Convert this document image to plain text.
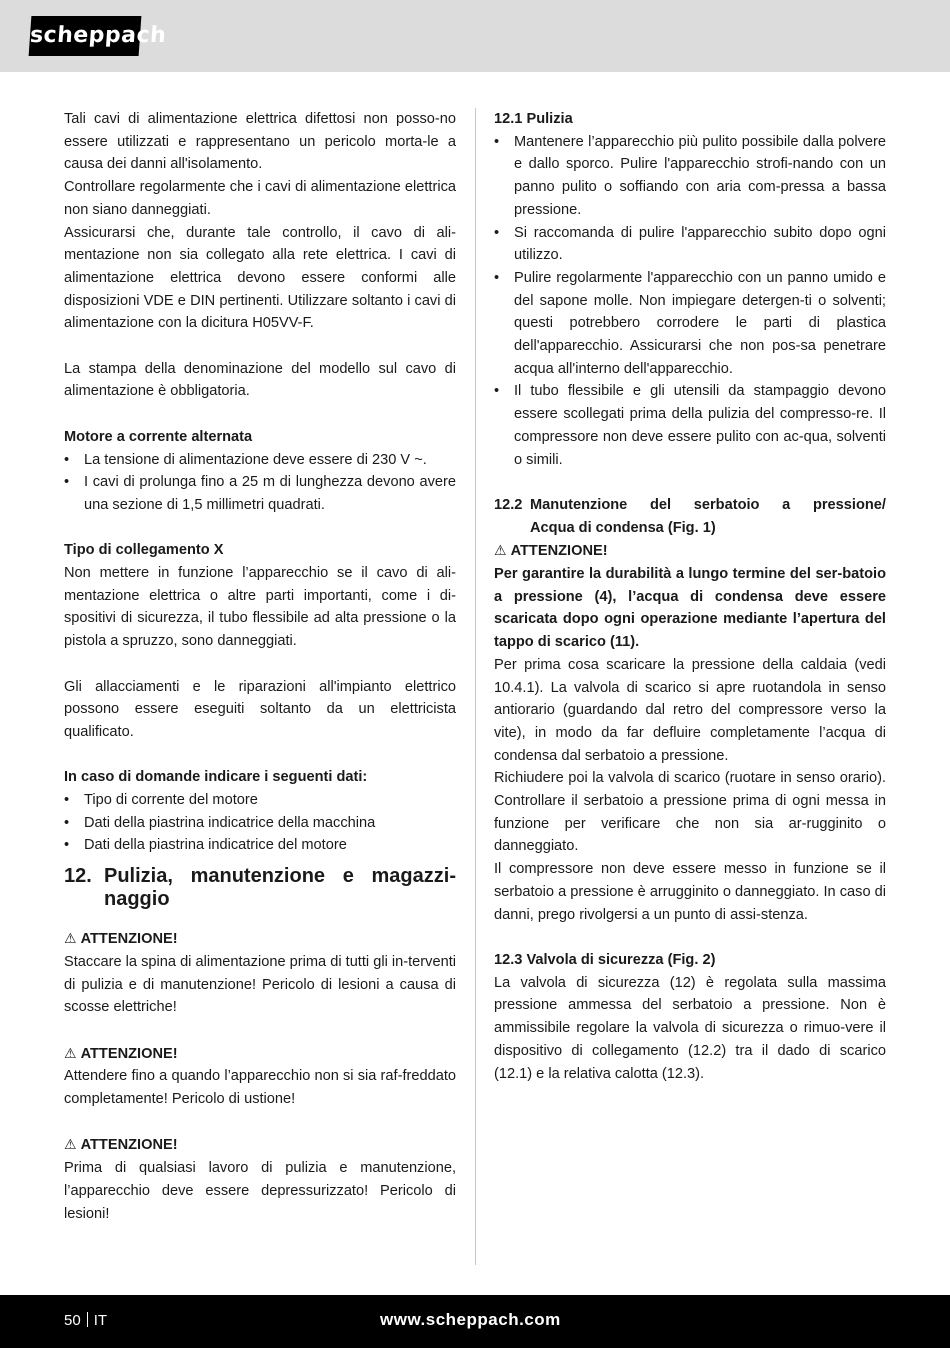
scheppach

Tali cavi di alimentazione elettrica difettosi non posso-no essere utilizzati e rappresentano un pericolo morta-le a causa dei danni all'isolamento.

Controllare regolarmente che i cavi di alimentazione elettrica non siano danneggiati.

Assicurarsi che, durante tale controllo, il cavo di ali-mentazione non sia collegato alla rete elettrica. I cavi di alimentazione elettrica devono essere conformi alle disposizioni VDE e DIN pertinenti. Utilizzare soltanto i cavi di alimentazione con la dicitura H05VV-F.

La stampa della denominazione del modello sul cavo di alimentazione è obbligatoria.

Motore a corrente alternata

• La tensione di alimentazione deve essere di 230 V ~.
• I cavi di prolunga fino a 25 m di lunghezza devono avere una sezione di 1,5 millimetri quadrati.

Tipo di collegamento X

Non mettere in funzione l’apparecchio se il cavo di ali-mentazione elettrica o altre parti importanti, come i di-spositivi di sicurezza, il tubo flessibile ad alta pressione o la pistola a spruzzo, sono danneggiati.

Gli allacciamenti e le riparazioni all'impianto elettrico possono essere eseguiti soltanto da un elettricista qualificato.

In caso di domande indicare i seguenti dati:

• Tipo di corrente del motore
• Dati della piastrina indicatrice della macchina
• Dati della piastrina indicatrice del motore
12. Pulizia, manutenzione e magazzi-naggio

⚠ ATTENZIONE!

Staccare la spina di alimentazione prima di tutti gli in-terventi di pulizia e di manutenzione! Pericolo di lesioni a causa di scosse elettriche!

⚠ ATTENZIONE!

Attendere fino a quando l’apparecchio non si sia raf-freddato completamente! Pericolo di ustione!

⚠ ATTENZIONE!

Prima di qualsiasi lavoro di pulizia e manutenzione, l’apparecchio deve essere depressurizzato! Pericolo di lesioni!

12.1 Pulizia

• Mantenere l’apparecchio più pulito possibile dalla polvere e dallo sporco. Pulire l'apparecchio strofi-nando con un panno pulito o soffiando con aria com-pressa a bassa pressione.
• Si raccomanda di pulire l'apparecchio subito dopo ogni utilizzo.
• Pulire regolarmente l'apparecchio con un panno umido e del sapone molle. Non impiegare detergen-ti o solventi; questi potrebbero corrodere le parti di plastica dell'apparecchio. Assicurarsi che non pos-sa penetrare acqua all'interno dell'apparecchio.
• Il tubo flessibile e gli utensili da stampaggio devono essere scollegati prima della pulizia del compresso-re. Il compressore non deve essere pulito con ac-qua, solventi o simili.
12.2 Manutenzione del serbatoio a pressione/
Acqua di condensa (Fig. 1)

⚠ ATTENZIONE!

Per garantire la durabilità a lungo termine del ser-batoio a pressione (4), l’acqua di condensa deve essere scaricata dopo ogni operazione mediante l’apertura del tappo di scarico (11).

Per prima cosa scaricare la pressione della caldaia (vedi 10.4.1). La valvola di scarico si apre ruotandola in senso antiorario (guardando dal retro del compressore verso la vite), in modo da far defluire completamente l’acqua di condensa dal serbatoio a pressione.

Richiudere poi la valvola di scarico (ruotare in senso orario). Controllare il serbatoio a pressione prima di ogni messa in funzione per verificare che non sia ar-rugginito o danneggiato.

Il compressore non deve essere messo in funzione se il serbatoio a pressione è arrugginito o danneggiato. In caso di danni, prego rivolgersi a un punto di assi-stenza.

12.3 Valvola di sicurezza (Fig. 2)

La valvola di sicurezza (12) è regolata sulla massima pressione ammessa del serbatoio a pressione. Non è ammissibile regolare la valvola di sicurezza o rimuo-vere il dispositivo di collegamento (12.2) tra il dado di scarico (12.1) e la relativa calotta (12.3).

50 IT	www.scheppach.com
